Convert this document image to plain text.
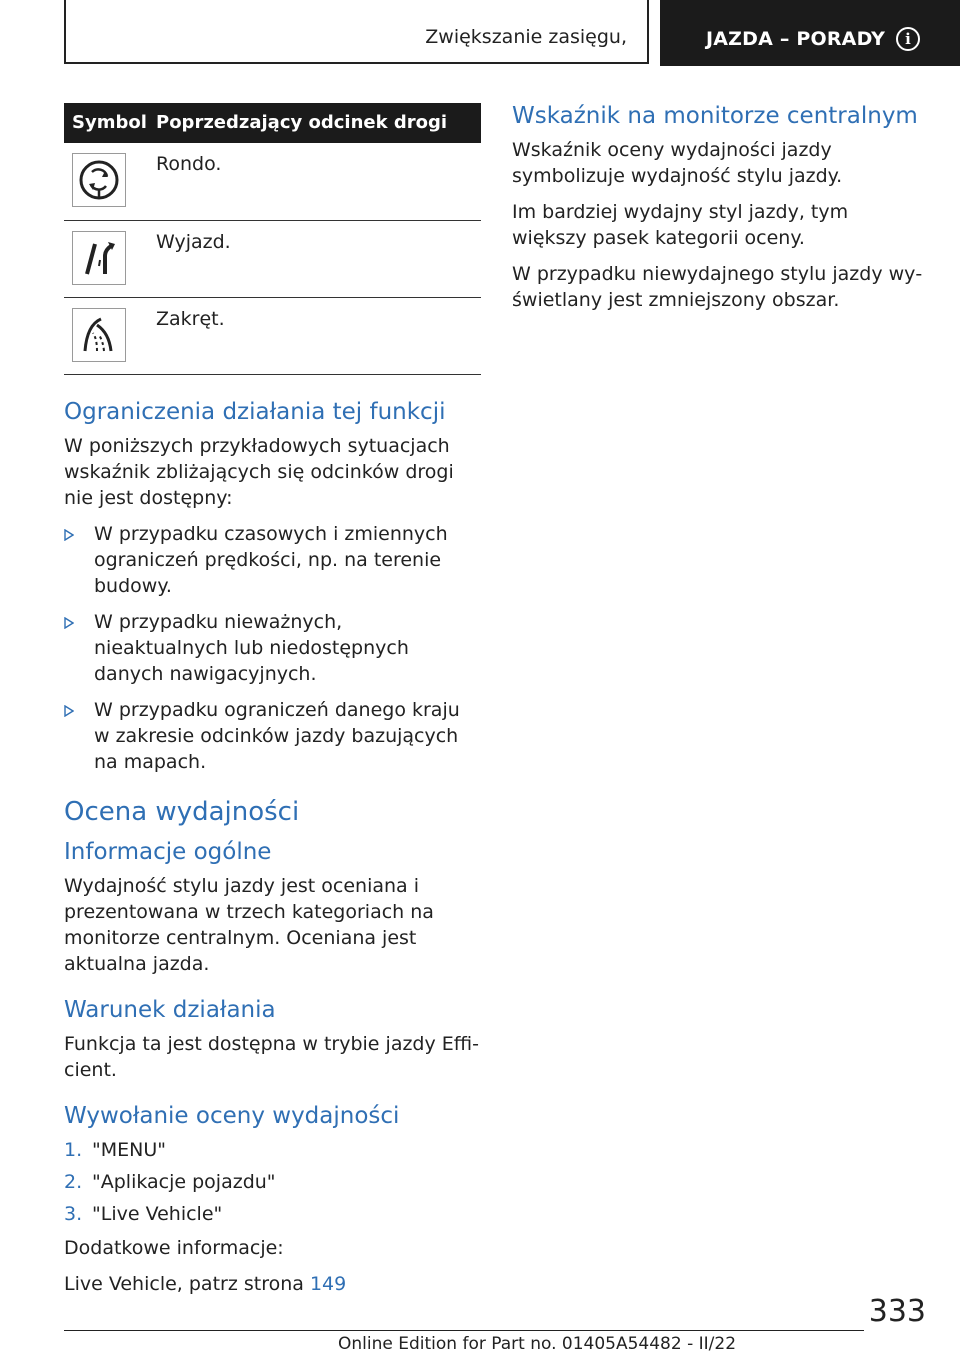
Zwiększanie zasięgu,	JAZDA – PORADY	i
Symbol Poprzedzający odcinek drogi
Rondo.
Wyjazd.
Zakręt.
Ograniczenia działania tej funkcji

W poniższych przykładowych sytuacjach wskaźnik zbliżających się odcinków drogi nie jest dostępny:

W przypadku czasowych i zmiennych ograniczeń prędkości, np. na terenie budowy.
W przypadku nieważnych, nieaktualnych lub niedostępnych danych nawigacyjnych.
W przypadku ograniczeń danego kraju w zakresie odcinków jazdy bazujących na mapach.
Ocena wydajności
Informacje ogólne

Wydajność stylu jazdy jest oceniana i prezentowana w trzech kategoriach na monitorze centralnym. Oceniana jest aktualna jazda.

Warunek działania

Funkcja ta jest dostępna w trybie jazdy Efficient.

Wywołanie oceny wydajności
1. "MENU"
2. "Aplikacje pojazdu"
3. "Live Vehicle"

Dodatkowe informacje:

Live Vehicle, patrz strona 149

Wskaźnik na monitorze centralnym

Wskaźnik oceny wydajności jazdy symbolizuje wydajność stylu jazdy.

Im bardziej wydajny styl jazdy, tym większy pasek kategorii oceny.

W przypadku niewydajnego stylu jazdy wyświetlany jest zmniejszony obszar.

333
Online Edition for Part no. 01405A54482 - II/22
